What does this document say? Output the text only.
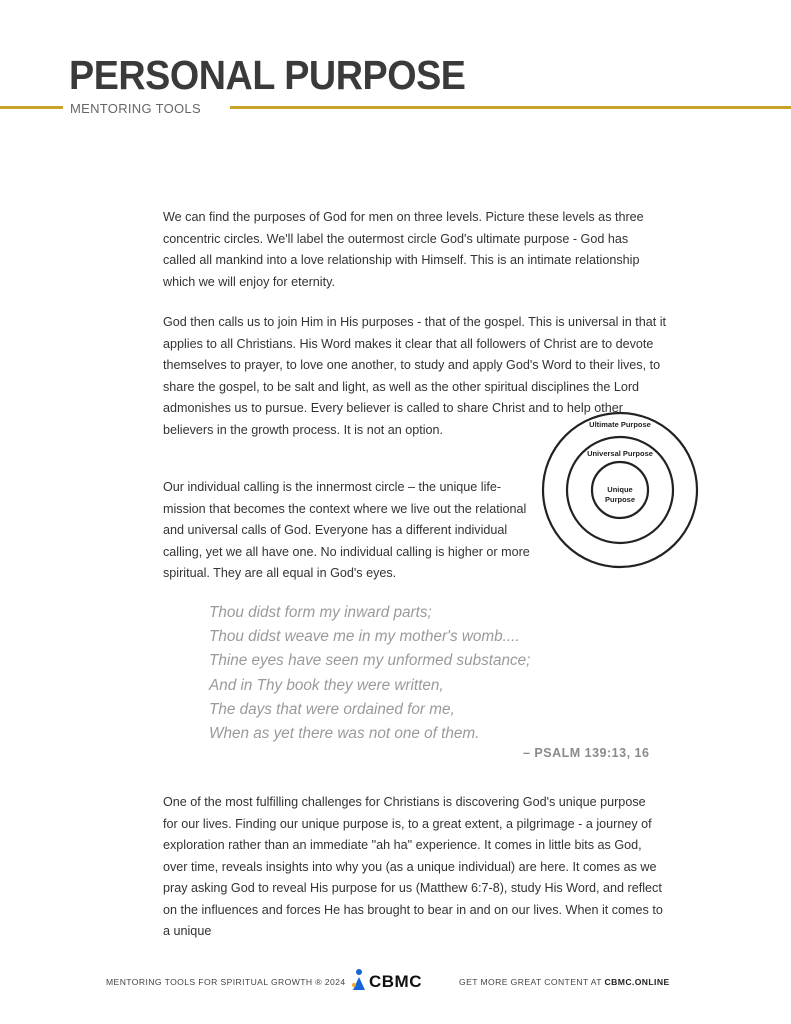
PERSONAL PURPOSE
MENTORING TOOLS

We can find the purposes of God for men on three levels. Picture these levels as three concentric circles. We'll label the outermost circle God's ultimate purpose - God has called all mankind into a love relationship with Himself. This is an intimate relationship which we will enjoy for eternity.

God then calls us to join Him in His purposes - that of the gospel. This is universal in that it applies to all Christians. His Word makes it clear that all followers of Christ are to devote themselves to prayer, to love one another, to study and apply God's Word to their lives, to share the gospel, to be salt and light, as well as the other spiritual disciplines the Lord admonishes us to pursue. Every believer is called to share Christ and to help other believers in the growth process. It is not an option.

Our individual calling is the innermost circle – the unique life-mission that becomes the context where we live out the relational and universal calls of God. Everyone has a different individual calling, yet we all have one. No individual calling is higher or more spiritual. They are all equal in God's eyes.

Ultimate Purpose
Universal Purpose
Unique
Purpose
Thou didst form my inward parts;
Thou didst weave me in my mother's womb....
Thine eyes have seen my unformed substance;
And in Thy book they were written,
The days that were ordained for me,
When as yet there was not one of them.
– PSALM 139:13, 16

One of the most fulfilling challenges for Christians is discovering God's unique purpose for our lives. Finding our unique purpose is, to a great extent, a pilgrimage - a journey of exploration rather than an immediate "ah ha" experience. It comes in little bits as God, over time, reveals insights into why you (as a unique individual) are here. It comes as we pray asking God to reveal His purpose for us (Matthew 6:7-8), study His Word, and reflect on the influences and forces He has brought to bear in and on our lives. When it comes to a unique

MENTORING TOOLS FOR SPIRITUAL GROWTH ® 2024 CBMC	GET MORE GREAT CONTENT AT CBMC.ONLINE
